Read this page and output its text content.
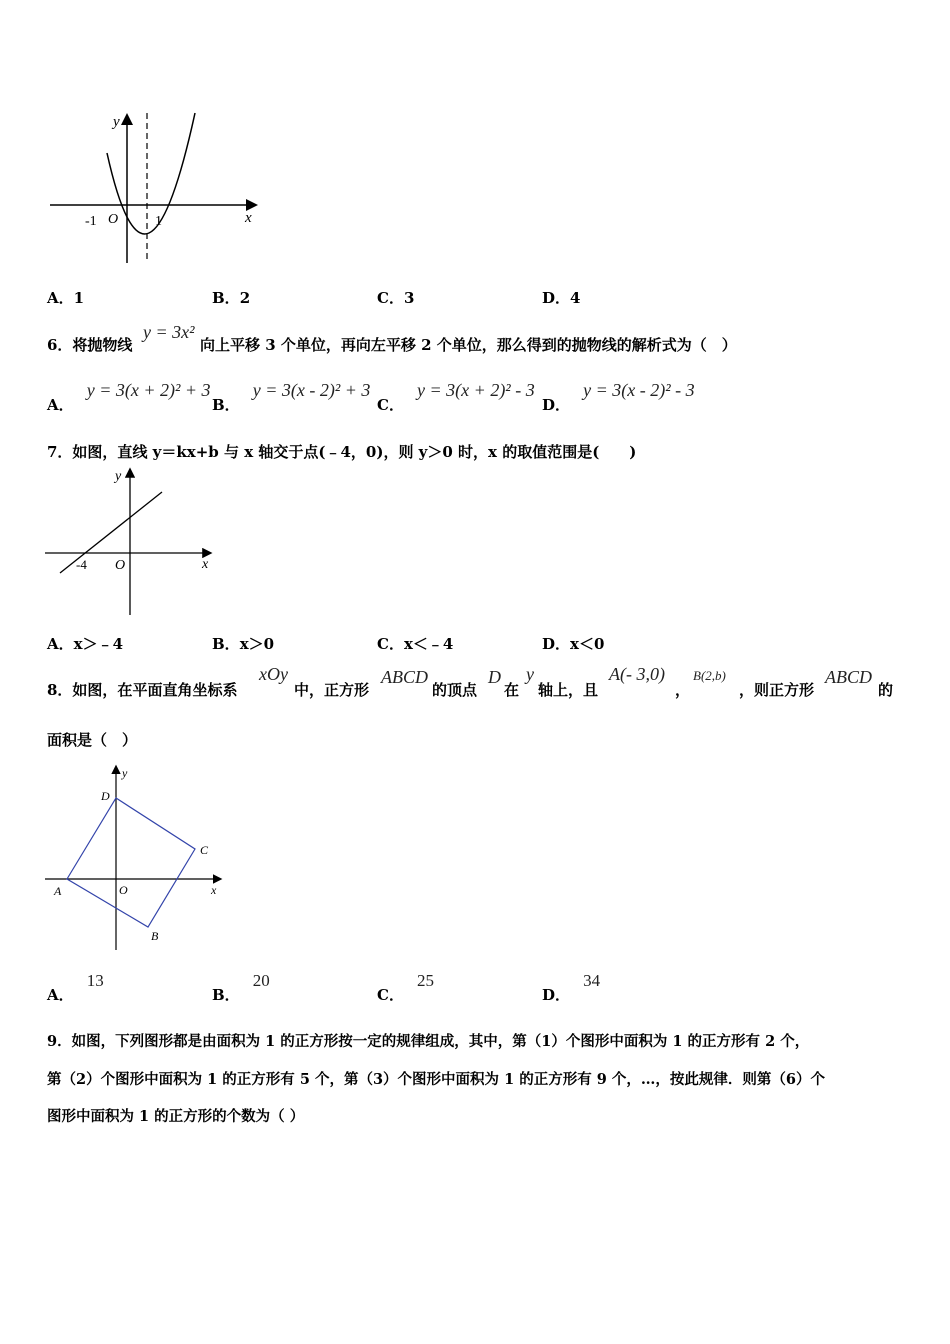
y
x
-1 O	1
A．1	B．2	C．3	D．4
6．将抛物线
y = 3x²
向上平移 3 个单位，再向左平移 2 个单位，那么得到的抛物线的解析式为（　）
A． y = 3(x + 2)² + 3
B． y = 3(x - 2)² + 3
C． y = 3(x + 2)² - 3
D． y = 3(x - 2)² - 3
7．如图，直线 y＝kx+b 与 x 轴交于点(﹣4，0)，则 y＞0 时，x 的取值范围是(　　)
y
x
-4 O
A．x＞﹣4	B．x＞0	C．x＜﹣4	D．x＜0
8．如图，在平面直角坐标系
xOy
中，正方形
ABCD
的顶点
D
在
y
轴上，且
A(- 3,0)
，
B(2,b)
，则正方形
ABCD
的
面积是（　）
y
x
D
C
A	O
B
A． 13
B． 20
C． 25
D． 34
9．如图，下列图形都是由面积为 1 的正方形按一定的规律组成，其中，第（1）个图形中面积为 1 的正方形有 2 个，
第（2）个图形中面积为 1 的正方形有 5 个，第（3）个图形中面积为 1 的正方形有 9 个，…，按此规律．则第（6）个
图形中面积为 1 的正方形的个数为（ ）
